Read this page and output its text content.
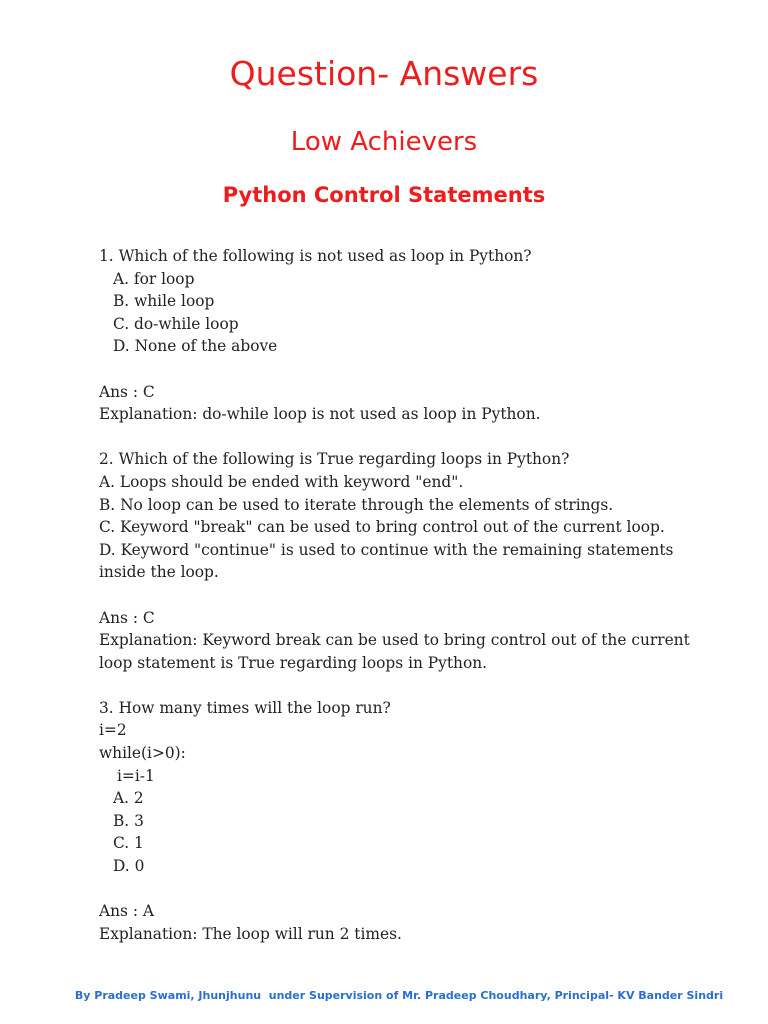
Question- Answers
Low Achievers
Python Control Statements
1. Which of the following is not used as loop in Python?
A. for loop
B. while loop
C. do-while loop
D. None of the above
Ans : C
Explanation: do-while loop is not used as loop in Python.
2. Which of the following is True regarding loops in Python?
A. Loops should be ended with keyword "end".
B. No loop can be used to iterate through the elements of strings.
C. Keyword "break" can be used to bring control out of the current loop.
D. Keyword "continue" is used to continue with the remaining statements
inside the loop.
Ans : C
Explanation: Keyword break can be used to bring control out of the current
loop statement is True regarding loops in Python.
3. How many times will the loop run?
i=2
while(i>0):
i=i-1
A. 2
B. 3
C. 1
D. 0
Ans : A
Explanation: The loop will run 2 times.
By Pradeep Swami, Jhunjhunu  under Supervision of Mr. Pradeep Choudhary, Principal- KV Bander Sindri
